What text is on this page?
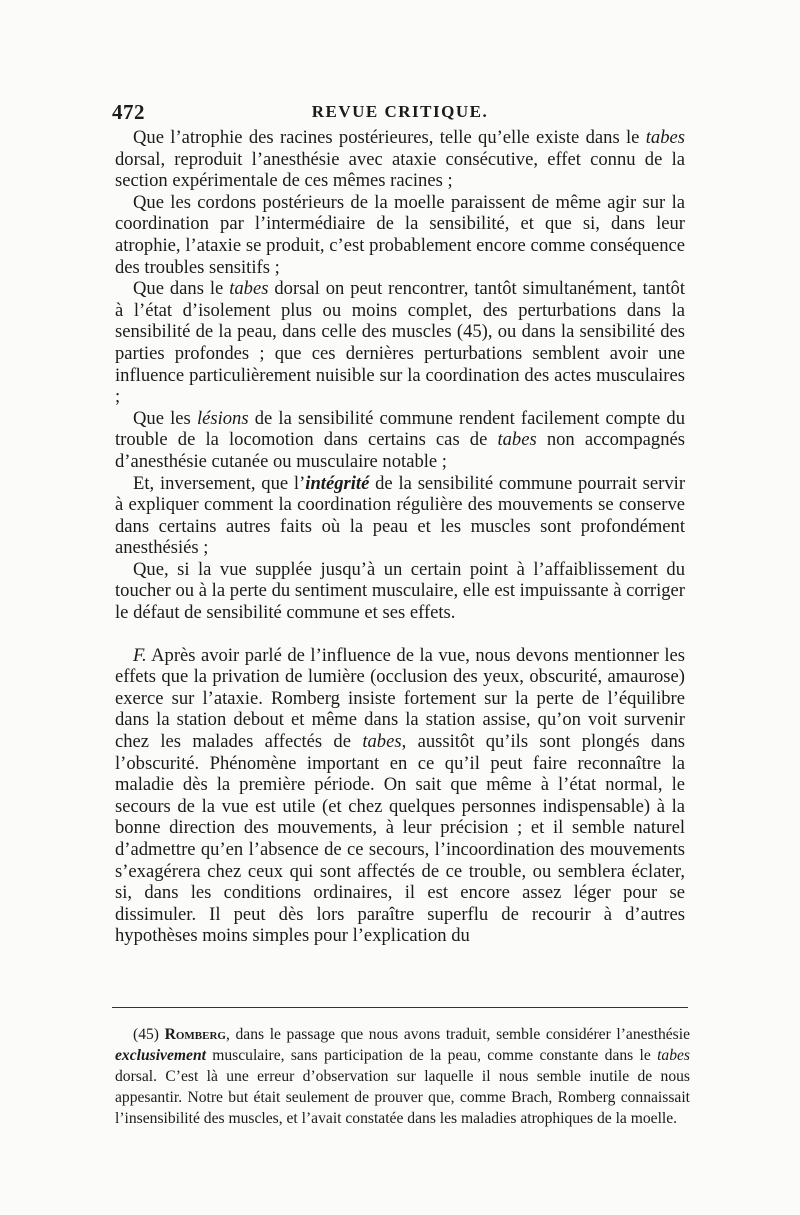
472	REVUE CRITIQUE.

Que l’atrophie des racines postérieures, telle qu’elle existe dans le tabes dorsal, reproduit l’anesthésie avec ataxie consécutive, effet connu de la section expérimentale de ces mêmes racines ;

Que les cordons postérieurs de la moelle paraissent de même agir sur la coordination par l’intermédiaire de la sensibilité, et que si, dans leur atrophie, l’ataxie se produit, c’est probablement encore comme conséquence des troubles sensitifs ;

Que dans le tabes dorsal on peut rencontrer, tantôt simultanément, tantôt à l’état d’isolement plus ou moins complet, des perturbations dans la sensibilité de la peau, dans celle des muscles (45), ou dans la sensibilité des parties profondes ; que ces dernières perturbations semblent avoir une influence particulièrement nuisible sur la coordination des actes musculaires ;

Que les lésions de la sensibilité commune rendent facilement compte du trouble de la locomotion dans certains cas de tabes non accompagnés d’anesthésie cutanée ou musculaire notable ;

Et, inversement, que l’intégrité de la sensibilité commune pourrait servir à expliquer comment la coordination régulière des mouvements se conserve dans certains autres faits où la peau et les muscles sont profondément anesthésiés ;

Que, si la vue supplée jusqu’à un certain point à l’affaiblissement du toucher ou à la perte du sentiment musculaire, elle est impuissante à corriger le défaut de sensibilité commune et ses effets.

F. Après avoir parlé de l’influence de la vue, nous devons mentionner les effets que la privation de lumière (occlusion des yeux, obscurité, amaurose) exerce sur l’ataxie. Romberg insiste fortement sur la perte de l’équilibre dans la station debout et même dans la station assise, qu’on voit survenir chez les malades affectés de tabes, aussitôt qu’ils sont plongés dans l’obscurité. Phénomène important en ce qu’il peut faire reconnaître la maladie dès la première période. On sait que même à l’état normal, le secours de la vue est utile (et chez quelques personnes indispensable) à la bonne direction des mouvements, à leur précision ; et il semble naturel d’admettre qu’en l’absence de ce secours, l’incoordination des mouvements s’exagérera chez ceux qui sont affectés de ce trouble, ou semblera éclater, si, dans les conditions ordinaires, il est encore assez léger pour se dissimuler. Il peut dès lors paraître superflu de recourir à d’autres hypothèses moins simples pour l’explication du

(45) Romberg, dans le passage que nous avons traduit, semble considérer l’anesthésie exclusivement musculaire, sans participation de la peau, comme constante dans le tabes dorsal. C’est là une erreur d’observation sur laquelle il nous semble inutile de nous appesantir. Notre but était seulement de prouver que, comme Brach, Romberg connaissait l’insensibilité des muscles, et l’avait constatée dans les maladies atrophiques de la moelle.
